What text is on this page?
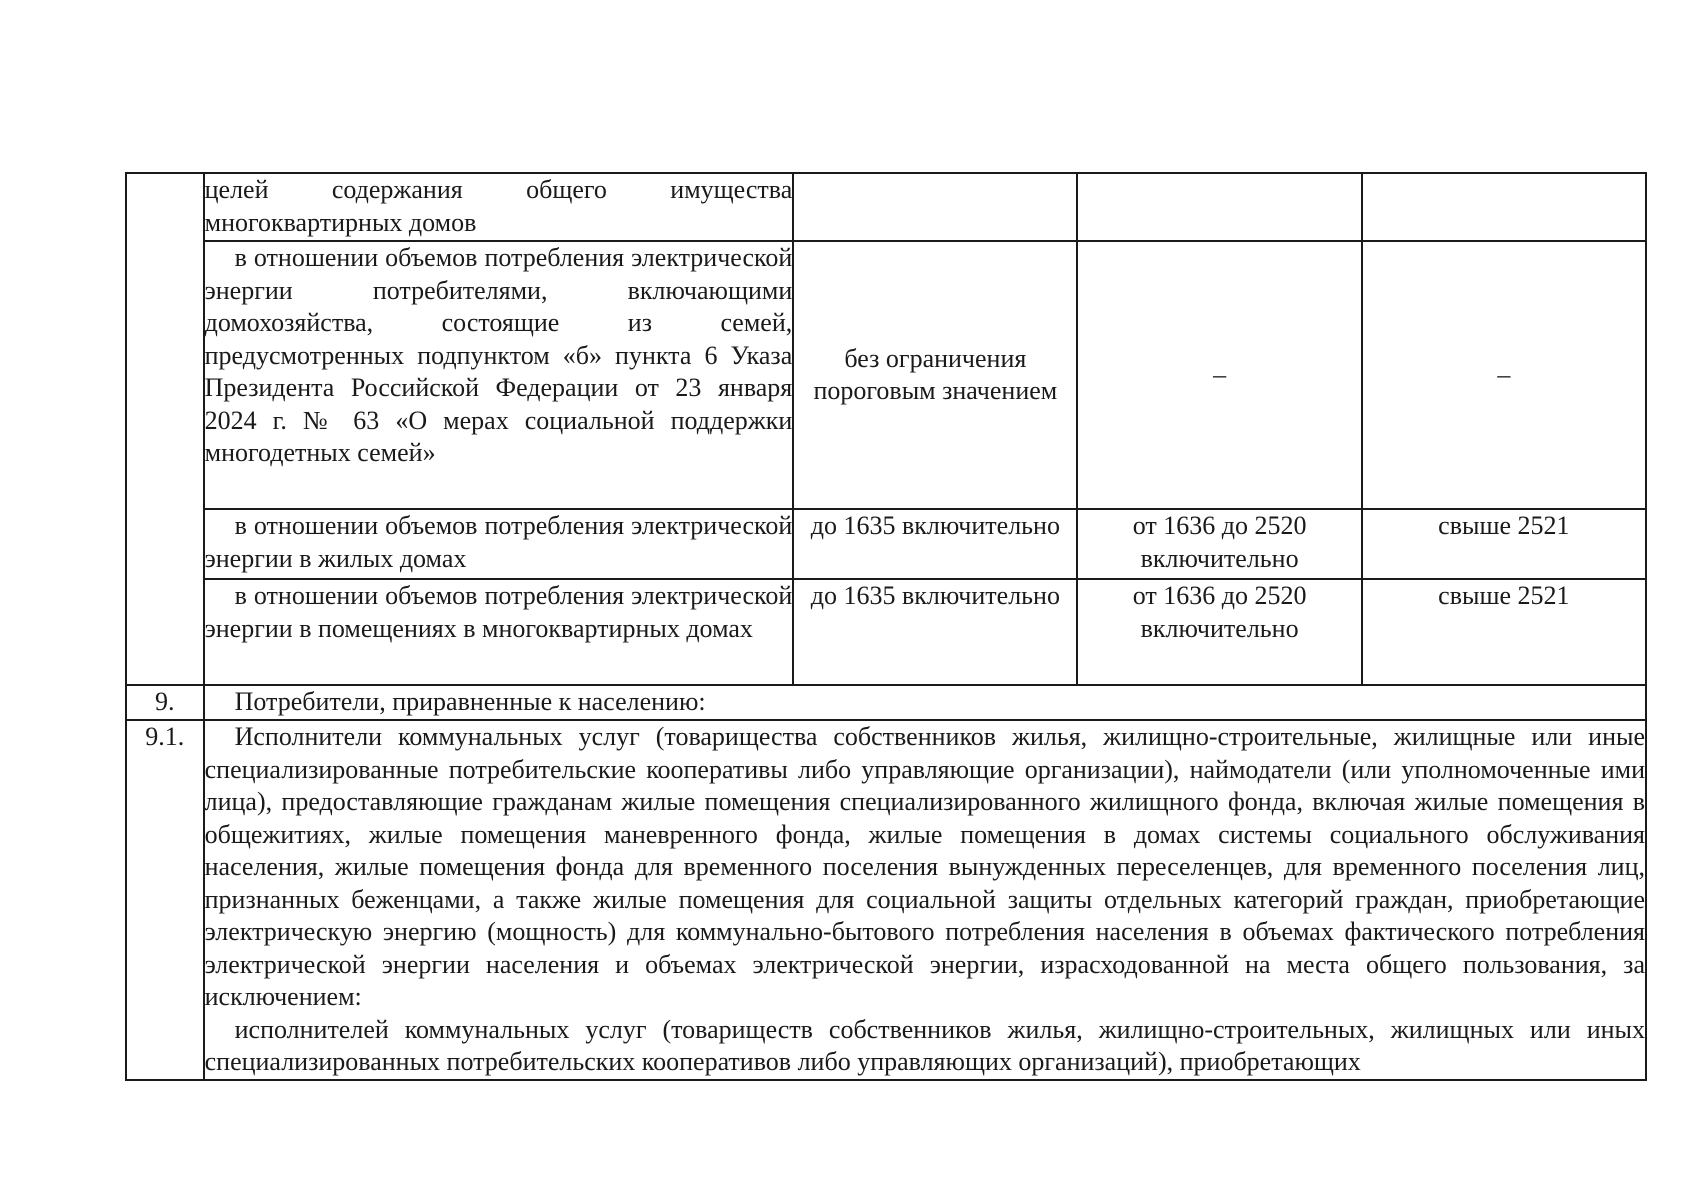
	целей содержания общего имущества многоквартирных домов			
	в отношении объемов потребления электрической энергии потребителями, включающими домохозяйства, состоящие из семей, предусмотренных подпунктом «б» пункта 6 Указа Президента Российской Федерации от 23 января 2024 г. № 63 «О мерах социальной поддержки многодетных семей»	без ограничения пороговым значением	–	–
	в отношении объемов потребления электрической энергии в жилых домах	до 1635 включительно	от 1636 до 2520 включительно	свыше 2521
	в отношении объемов потребления электрической энергии в помещениях в многоквартирных домах	до 1635 включительно	от 1636 до 2520 включительно	свыше 2521
9.	Потребители, приравненные к населению:			

9.1.	Исполнители коммунальных услуг (товарищества собственников жилья, жилищно-строительные, жилищные или иные специализированные потребительские кооперативы либо управляющие организации), наймодатели (или уполномоченные ими лица), предоставляющие гражданам жилые помещения специализированного жилищного фонда, включая жилые помещения в общежитиях, жилые помещения маневренного фонда, жилые помещения в домах системы социального обслуживания населения, жилые помещения фонда для временного поселения вынужденных переселенцев, для временного поселения лиц, признанных беженцами, а также жилые помещения для социальной защиты отдельных категорий граждан, приобретающие электрическую энергию (мощность) для коммунально-бытового потребления населения в объемах фактического потребления электрической энергии населения и объемах электрической энергии, израсходованной на места общего пользования, за исключением:

исполнителей коммунальных услуг (товариществ собственников жилья, жилищно-строительных, жилищных или иных специализированных потребительских кооперативов либо управляющих организаций), приобретающих			
